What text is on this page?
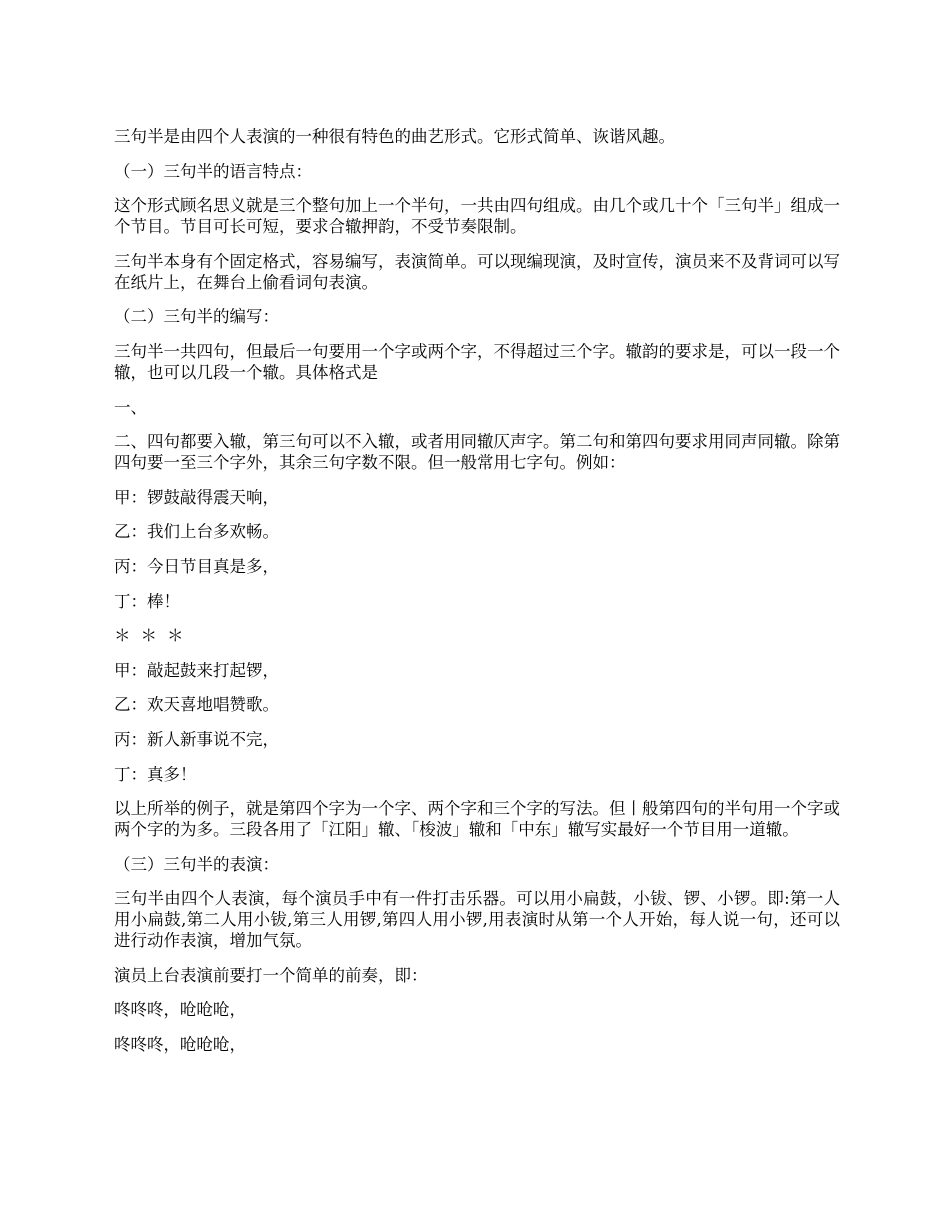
三句半是由四个人表演的一种很有特色的曲艺形式。它形式简单、诙谐风趣。

（一）三句半的语言特点：

这个形式顾名思义就是三个整句加上一个半句，一共由四句组成。由几个或几十个「三句半」组成一个节目。节目可长可短，要求合辙押韵，不受节奏限制。

三句半本身有个固定格式，容易编写，表演简单。可以现编现演，及时宣传，演员来不及背词可以写在纸片上，在舞台上偷看词句表演。

（二）三句半的编写：

三句半一共四句，但最后一句要用一个字或两个字，不得超过三个字。辙韵的要求是，可以一段一个辙，也可以几段一个辙。具体格式是

一、

二、四句都要入辙，第三句可以不入辙，或者用同辙仄声字。第二句和第四句要求用同声同辙。除第四句要一至三个字外，其余三句字数不限。但一般常用七字句。例如：

甲：锣鼓敲得震天响，

乙：我们上台多欢畅。

丙：今日节目真是多，

丁：棒！

＊＊＊

甲：敲起鼓来打起锣，

乙：欢天喜地唱赞歌。

丙：新人新事说不完，

丁：真多！

以上所举的例子，就是第四个字为一个字、两个字和三个字的写法。但丨般第四句的半句用一个字或两个字的为多。三段各用了「江阳」辙、「梭波」辙和「中东」辙写实最好一个节目用一道辙。

（三）三句半的表演：

三句半由四个人表演，每个演员手中有一件打击乐器。可以用小扁鼓，小钹、锣、小锣。即:第一人用小扁鼓,第二人用小钹,第三人用锣,第四人用小锣,用表演时从第一个人开始，每人说一句，还可以进行动作表演，增加气氛。

演员上台表演前要打一个简单的前奏，即：

咚咚咚，呛呛呛，

咚咚咚，呛呛呛，
